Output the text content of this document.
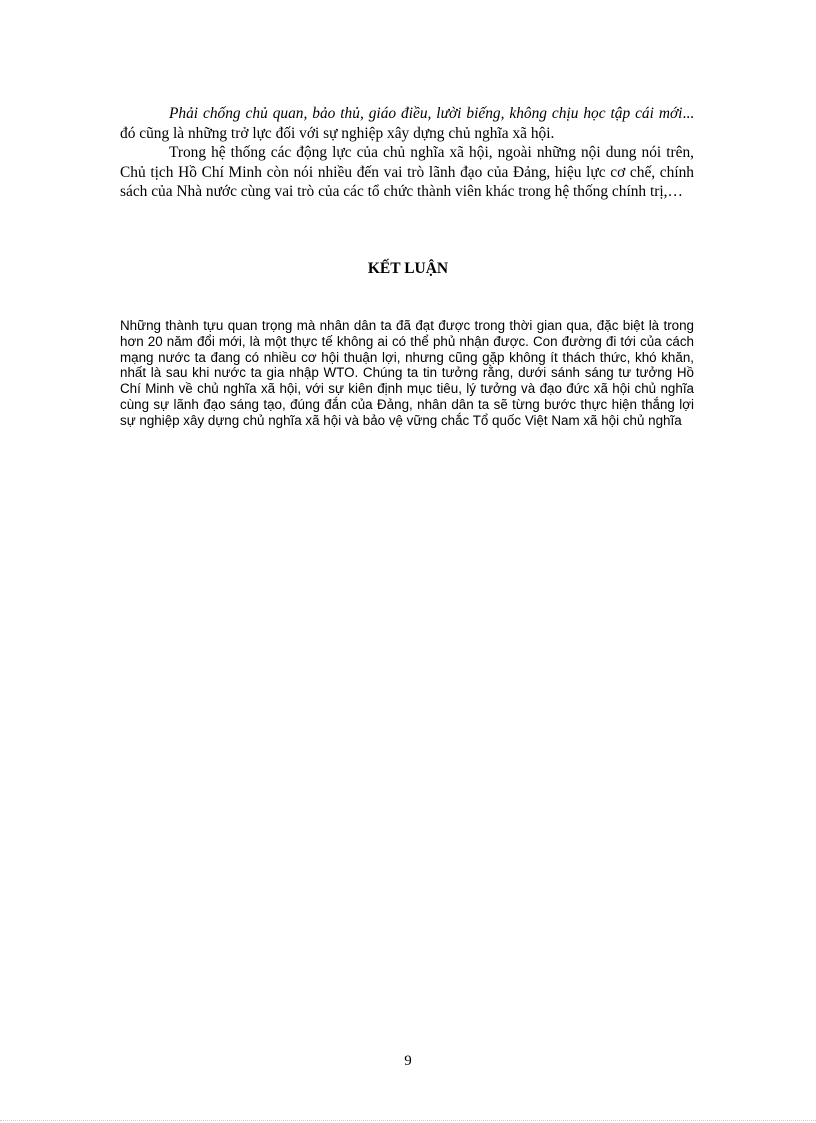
Phải chống chủ quan, bảo thủ, giáo điều, lười biếng, không chịu học tập cái mới... đó cũng là những trở lực đối với sự nghiệp xây dựng chủ nghĩa xã hội.

Trong hệ thống các động lực của chủ nghĩa xã hội, ngoài những nội dung nói trên, Chủ tịch Hồ Chí Minh còn nói nhiều đến vai trò lãnh đạo của Đảng, hiệu lực cơ chế, chính sách của Nhà nước cùng vai trò của các tổ chức thành viên khác trong hệ thống chính trị,…

KẾT LUẬN

Những thành tựu quan trọng mà nhân dân ta đã đạt được trong thời gian qua, đặc biệt là trong hơn 20 năm đổi mới, là một thực tế không ai có thể phủ nhận được. Con đường đi tới của cách mạng nước ta đang có nhiều cơ hội thuận lợi, nhưng cũng gặp không ít thách thức, khó khăn, nhất là sau khi nước ta gia nhập WTO. Chúng ta tin tưởng rằng, dưới sánh sáng tư tưởng Hồ Chí Minh về chủ nghĩa xã hội, với sự kiên định mục tiêu, lý tưởng và đạo đức xã hội chủ nghĩa cùng sự lãnh đạo sáng tạo, đúng đắn của Đảng, nhân dân ta sẽ từng bước thực hiện thắng lợi sự nghiệp xây dựng chủ nghĩa xã hội và bảo vệ vững chắc Tổ quốc Việt Nam xã hội chủ nghĩa

9
